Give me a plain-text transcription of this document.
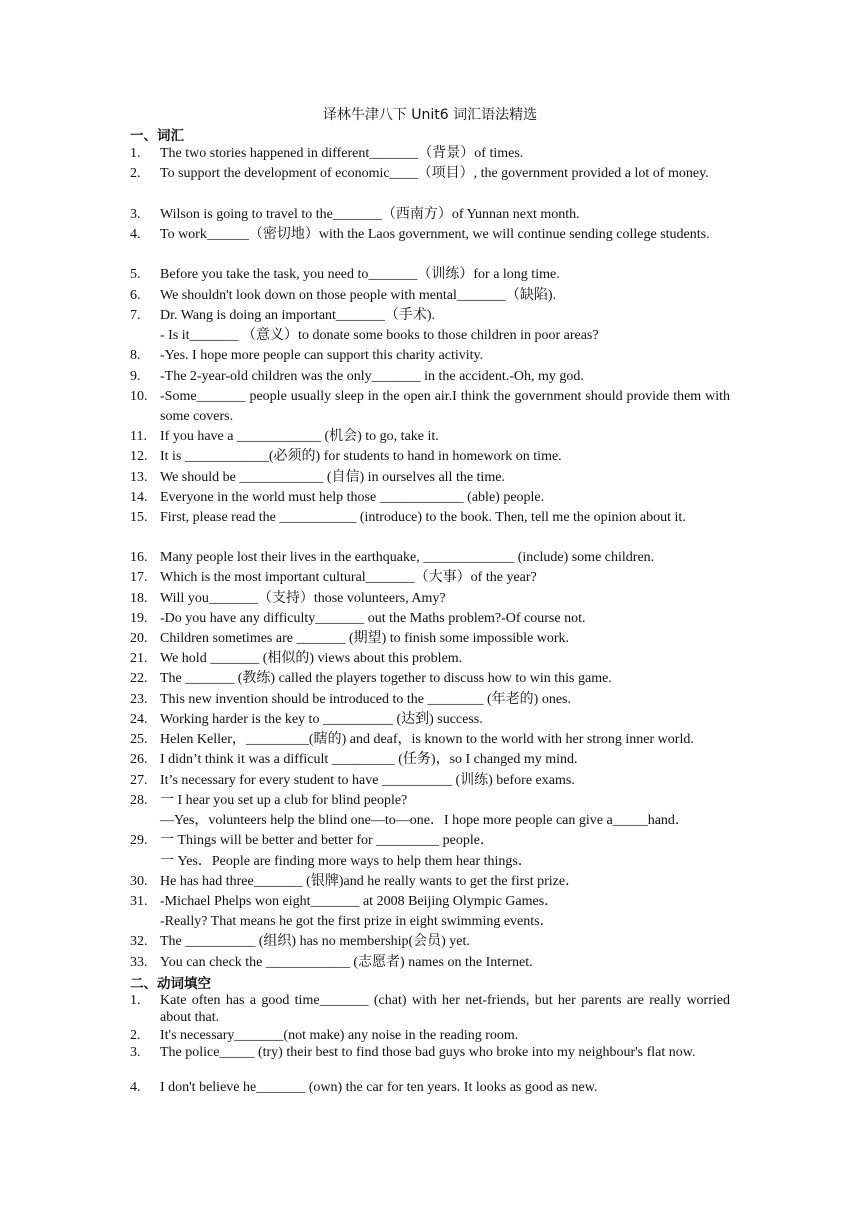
译林牛津八下 Unit6 词汇语法精选
一、词汇
1. The two stories happened in different_______（背景）of times.
2. To support the development of economic____（项目）, the government provided a lot of money.
3. Wilson is going to travel to the_______（西南方）of Yunnan next month.
4. To work______（密切地）with the Laos government, we will continue sending college students.
5. Before you take the task, you need to_______（训练）for a long time.
6. We shouldn't look down on those people with mental_______（缺陷).
7. Dr. Wang is doing an important_______（手术).
- Is it_______ （意义）to donate some books to those children in poor areas?
8. -Yes. I hope more people can support this charity activity.
9. -The 2-year-old children was the only_______ in the accident.-Oh, my god.
10. -Some_______ people usually sleep in the open air.I think the government should provide them with some covers.
11. If you have a ____________ (机会) to go, take it.
12. It is ____________(必须的) for students to hand in homework on time.
13. We should be ____________ (自信) in ourselves all the time.
14. Everyone in the world must help those ____________ (able) people.
15. First, please read the ___________ (introduce) to the book. Then, tell me the opinion about it.
16. Many people lost their lives in the earthquake, _____________ (include) some children.
17. Which is the most important cultural_______（大事）of the year?
18. Will you_______（支持）those volunteers, Amy?
19. -Do you have any difficulty_______ out the Maths problem?-Of course not.
20. Children sometimes are _______ (期望) to finish some impossible work.
21. We hold _______ (相似的) views about this problem.
22. The _______ (教练) called the players together to discuss how to win this game.
23. This new invention should be introduced to the ________ (年老的) ones.
24. Working harder is the key to __________ (达到) success.
25. Helen Keller，_________(瞎的) and deaf，is known to the world with her strong inner world.
26. I didn’t think it was a difficult _________ (任务)，so I changed my mind.
27. It’s necessary for every student to have __________ (训练) before exams.
28. 一 I hear you set up a club for blind people?
—Yes，volunteers help the blind one—to—one．I hope more people can give a_____hand．
29. 一 Things will be better and better for _________ people．
一 Yes．People are finding more ways to help them hear things．
30. He has had three_______ (银牌)and he really wants to get the first prize．
31. -Michael Phelps won eight_______ at 2008 Beijing Olympic Games．
-Really? That means he got the first prize in eight swimming events．
32. The __________ (组织) has no membership(会员) yet.
33. You can check the ____________ (志愿者) names on the Internet.
二、动词填空
1. Kate often has a good time_______ (chat) with her net-friends, but her parents are really worried about that.
2. It's necessary_______(not make) any noise in the reading room.
3. The police_____ (try) their best to find those bad guys who broke into my neighbour's flat now.
4. I don't believe he_______ (own) the car for ten years. It looks as good as new.
